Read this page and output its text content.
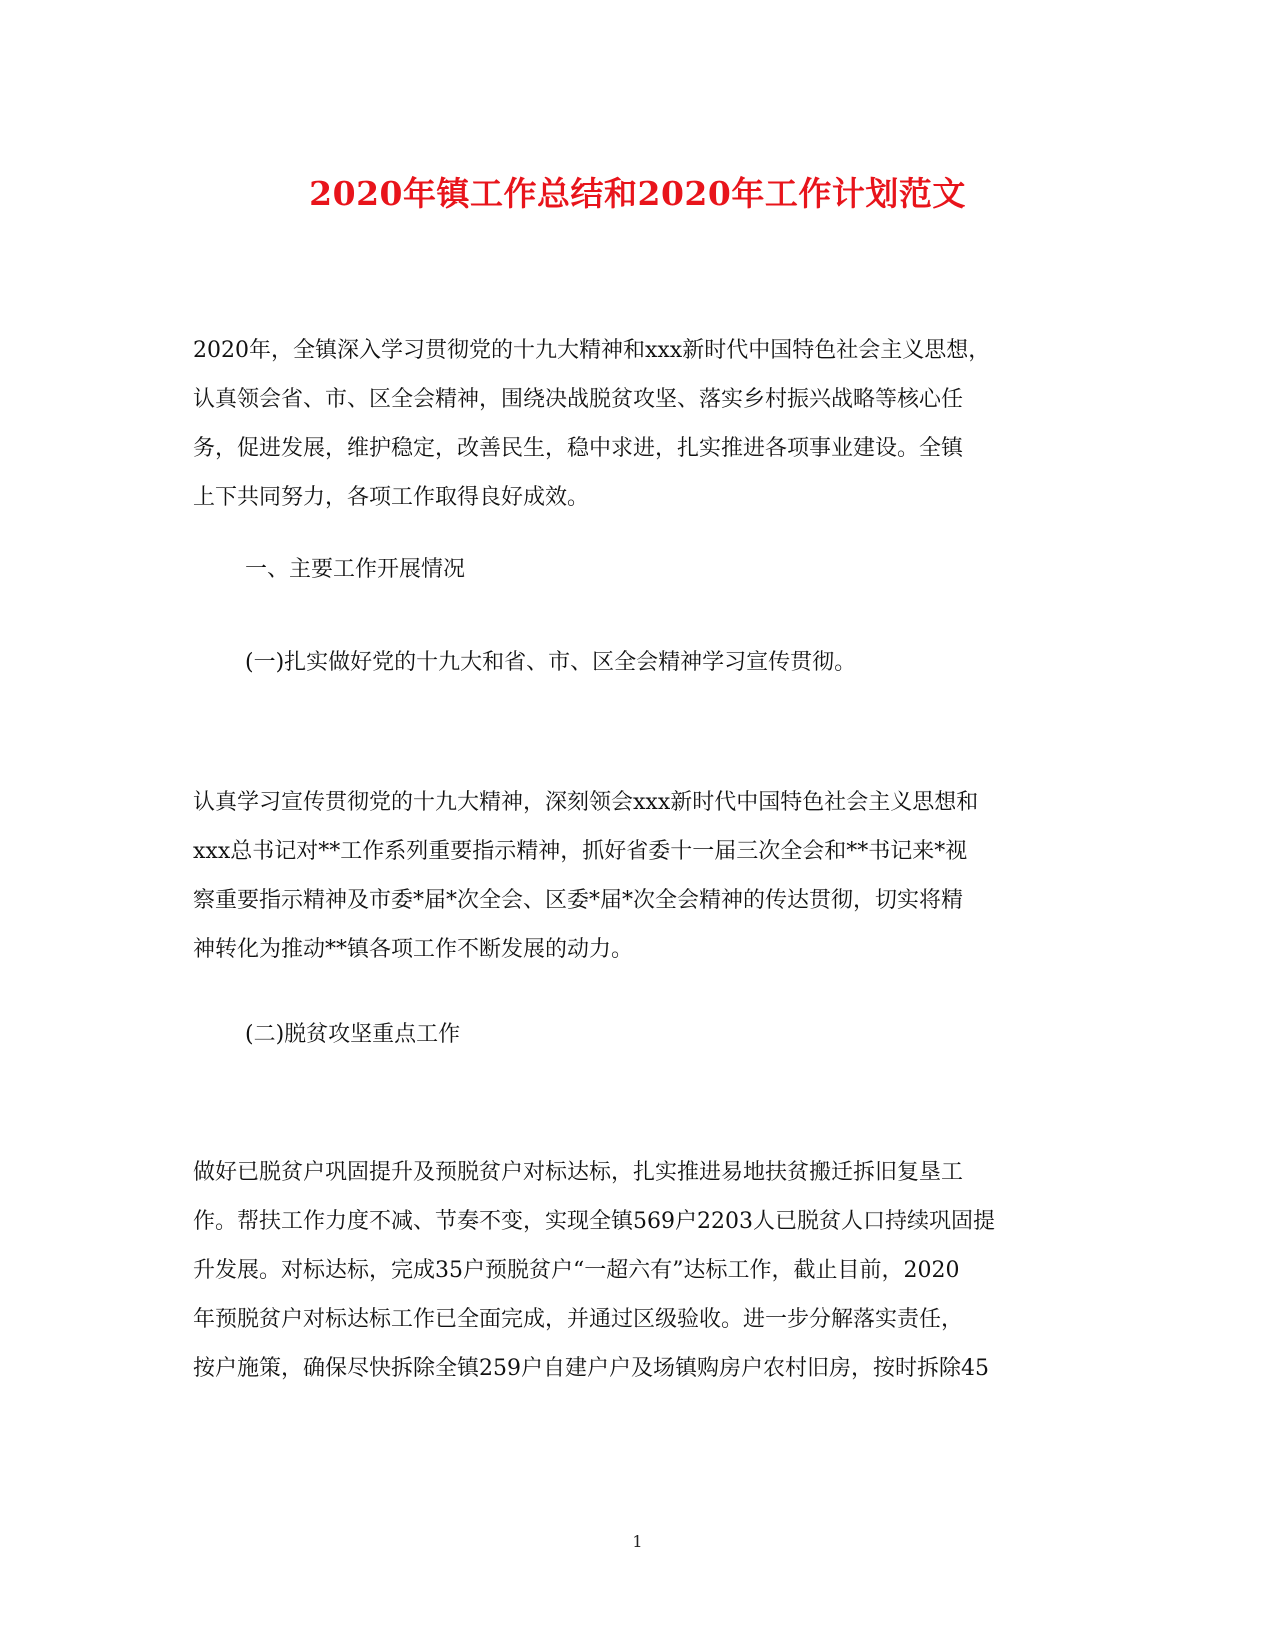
2020年镇工作总结和2020年工作计划范文
2020年，全镇深入学习贯彻党的十九大精神和xxx新时代中国特色社会主义思想，
认真领会省、市、区全会精神，围绕决战脱贫攻坚、落实乡村振兴战略等核心任
务，促进发展，维护稳定，改善民生，稳中求进，扎实推进各项事业建设。全镇
上下共同努力，各项工作取得良好成效。
一、主要工作开展情况
(一)扎实做好党的十九大和省、市、区全会精神学习宣传贯彻。
认真学习宣传贯彻党的十九大精神，深刻领会xxx新时代中国特色社会主义思想和
xxx总书记对**工作系列重要指示精神，抓好省委十一届三次全会和**书记来*视
察重要指示精神及市委*届*次全会、区委*届*次全会精神的传达贯彻，切实将精
神转化为推动**镇各项工作不断发展的动力。
(二)脱贫攻坚重点工作
做好已脱贫户巩固提升及预脱贫户对标达标，扎实推进易地扶贫搬迁拆旧复垦工
作。帮扶工作力度不减、节奏不变，实现全镇569户2203人已脱贫人口持续巩固提
升发展。对标达标，完成35户预脱贫户“一超六有”达标工作，截止目前，2020
年预脱贫户对标达标工作已全面完成，并通过区级验收。进一步分解落实责任，
按户施策，确保尽快拆除全镇259户自建户户及场镇购房户农村旧房，按时拆除45
1
